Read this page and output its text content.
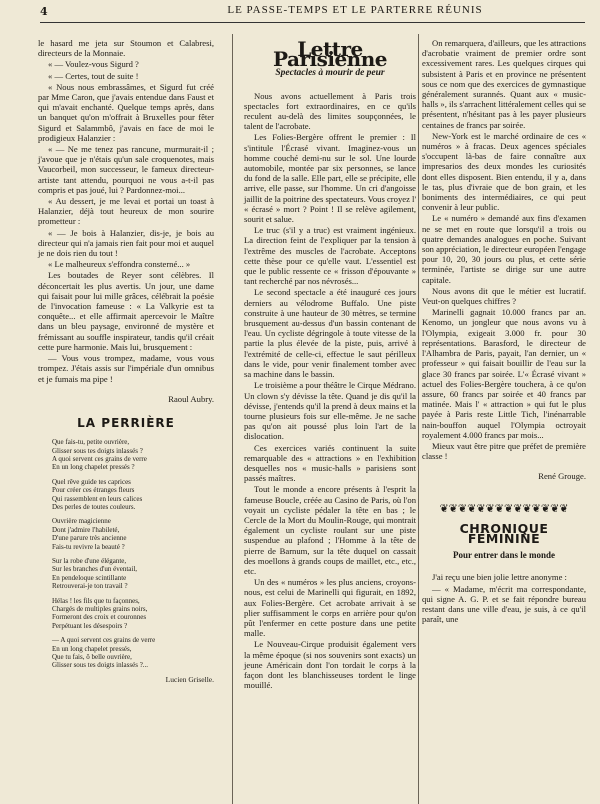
4	LE PASSE-TEMPS ET LE PARTERRE RÉUNIS

le hasard me jeta sur Stoumon et Calabresi, directeurs de la Monnaie.

« — Voulez-vous Sigurd ?

« — Certes, tout de suite !

« Nous nous embrassâmes, et Sigurd fut créé par Mme Caron, que j'avais entendue dans Faust et qui m'avait enchanté. Quelque temps après, dans un banquet qu'on m'offrait à Bruxelles pour fêter Sigurd et Salammbô, j'avais en face de moi le prodigieux Halanzier :

« — Ne me tenez pas rancune, murmurait-il ; j'avoue que je n'étais qu'un sale croquenotes, mais Vaucorbeil, mon successeur, le fameux directeur-artiste tant attendu, pourquoi ne vous a-t-il pas compris et pas joué, lui ? Pardonnez-moi...

« Au dessert, je me levai et portai un toast à Halanzier, déjà tout heureux de mon sourire prometteur :

« — Je bois à Halanzier, dis-je, je bois au directeur qui n'a jamais rien fait pour moi et auquel je ne dois rien du tout !

« Le malheureux s'effondra consterné... »

Les boutades de Reyer sont célèbres. Il déconcertait les plus avertis. Un jour, une dame qui faisait pour lui mille grâces, célébrait la poésie de l'invocation fameuse : « La Valkyrie est ta conquête... et elle affirmait apercevoir le Maître dans un bleu paysage, environné de mystère et frémissant au souffle inspirateur, tandis qu'il créait cette pure harmonie. Mais lui, brusquement :

— Vous vous trompez, madame, vous vous trompez. J'étais assis sur l'impériale d'un omnibus et je fumais ma pipe !

Raoul Aubry.
LA PERRIÈRE
Que fais-tu, petite ouvrière,
Glisser sous tes doigts inlassés ?
A quoi servent ces grains de verre
En un long chapelet pressés ?
Quel rêve guide tes caprices
Pour créer ces étranges fleurs
Qui rassemblent en leurs calices
Des perles de toutes couleurs.
Ouvrière magicienne
Dont j'admire l'habileté,
D'une parure très ancienne
Fais-tu revivre la beauté ?
Sur la robe d'une élégante,
Sur les branches d'un éventail,
En pendeloque scintillante
Retrouverai-je ton travail ?
Hélas ! les fils que tu façonnes,
Chargés de multiples grains noirs,
Formeront des croix et couronnes
Perpétuant les désespoirs ?
— A quoi servent ces grains de verre
En un long chapelet pressés,
Que tu fais, ô belle ouvrière,
Glisser sous tes doigts inlassés ?...
Lucien Griselle.
Lettre Parisienne
Spectacles à mourir de peur

Nous avons actuellement à Paris trois spectacles fort extraordinaires, en ce qu'ils reculent au-delà des limites soupçonnées, le talent de l'acrobate.

Les Folies-Bergère offrent le premier : Il s'intitule l'Écrasé vivant. Imaginez-vous un homme couché demi-nu sur le sol. Une lourde automobile, montée par six personnes, se lance du fond de la salle. Elle part, elle se précipite, elle arrive, elle passe, sur l'homme. Un cri d'angoisse jaillit de la poitrine des spectateurs. Vous croyez l' « écrasé » mort ? Point ! Il se relève agilement, sourit et salue.

Le truc (s'il y a truc) est vraiment ingénieux. La direction feint de l'expliquer par la tension à l'extrême des muscles de l'acrobate. Acceptons cette thèse pour ce qu'elle vaut. L'essentiel est que le public ressente ce « frisson d'épouvante » tant recherché par nos névrosés...

Le second spectacle a été inauguré ces jours derniers au vélodrome Buffalo. Une piste construite à une hauteur de 30 mètres, se termine brusquement au-dessus d'un bassin contenant de l'eau. Un cycliste dégringole à toute vitesse de la partie la plus élevée de la piste, puis, arrivé à l'extrémité de celle-ci, effectue le saut périlleux dans le vide, pour venir finalement tomber avec sa machine dans le bassin.

Le troisième a pour théâtre le Cirque Médrano. Un clown s'y dévisse la tête. Quand je dis qu'il la dévisse, j'entends qu'il la prend à deux mains et la tourne plusieurs fois sur elle-même. Je ne sache pas qu'on ait poussé plus loin l'art de la dislocation.

Ces exercices variés continuent la suite remarquable des « attractions » en l'exhibition desquelles nos « music-halls » parisiens sont passés maîtres.

Tout le monde a encore présents à l'esprit la fameuse Boucle, créée au Casino de Paris, où l'on voyait un cycliste pédaler la tête en bas ; le Cercle de la Mort du Moulin-Rouge, qui montrait également un cycliste roulant sur une piste suspendue au plafond ; l'Homme à la tête de pierre de Barnum, sur la tête duquel on cassait des moellons à grands coups de maillet, etc., etc., etc.

Un des « numéros » les plus anciens, croyons-nous, est celui de Marinelli qui figurait, en 1892, aux Folies-Bergère. Cet acrobate arrivait à se plier suffisamment le corps en arrière pour qu'on pût l'enfermer en cette posture dans une petite malle.

Le Nouveau-Cirque produisit également vers la même époque (si nos souvenirs sont exacts) un jeune Américain dont l'on tordait le corps à la façon dont les blanchisseuses tordent le linge mouillé.

On remarquera, d'ailleurs, que les attractions d'acrobatie vraiment de premier ordre sont excessivement rares. Les quelques cirques qui subsistent à Paris et en province ne présentent sous ce nom que des exercices de gymnastique généralement surannés. Quant aux « music-halls », ils s'arrachent littéralement celles qui se présentent, n'hésitant pas à les payer plusieurs centaines de francs par soirée.

New-York est le marché ordinaire de ces « numéros » à fracas. Deux agences spéciales s'occupent là-bas de faire connaître aux impresarios des deux mondes les curiosités dont elles disposent. Bien entendu, il y a, dans le tas, plus d'ivraie que de bon grain, et les boniments des intermédiaires, ce qui peut convenir à leur public.

Le « numéro » demandé aux fins d'examen ne se met en route que lorsqu'il a trois ou quatre demandes analogues en poche. Suivant son appréciation, le directeur européen l'engage pour 10, 20, 30 jours ou plus, et cette série terminée, l'artiste se dirige sur une autre capitale.

Nous avons dit que le métier est lucratif. Veut-on quelques chiffres ?

Marinelli gagnait 10.000 francs par an. Kenomo, un jongleur que nous avons vu à l'Olympia, exigeait 3.000 fr. pour 30 représentations. Barasford, le directeur de l'Alhambra de Paris, payait, l'an dernier, un « professeur » qui faisait bouillir de l'eau sur la glace 30 francs par soirée. L'« Écrasé vivant » actuel des Folies-Bergère touchera, à ce qu'on assure, 60 francs par soirée et 40 francs par matinée. Mais l' « attraction » qui fut le plus payée à Paris reste Little Tich, l'inénarrable nain-bouffon auquel l'Olympia octroyait royalement 4.000 francs par mois...

Mieux vaut être pitre que préfet de première classe !

René Grouge.
❦❦❦❦❦❦❦❦❦❦❦❦❦❦
CHRONIQUE FÉMININE
Pour entrer dans le monde

J'ai reçu une bien jolie lettre anonyme :

— « Madame, m'écrit ma correspondante, qui signe A. G. P. et se fait répondre bureau restant dans une ville d'eau, je suis, à ce qu'il paraît, une
